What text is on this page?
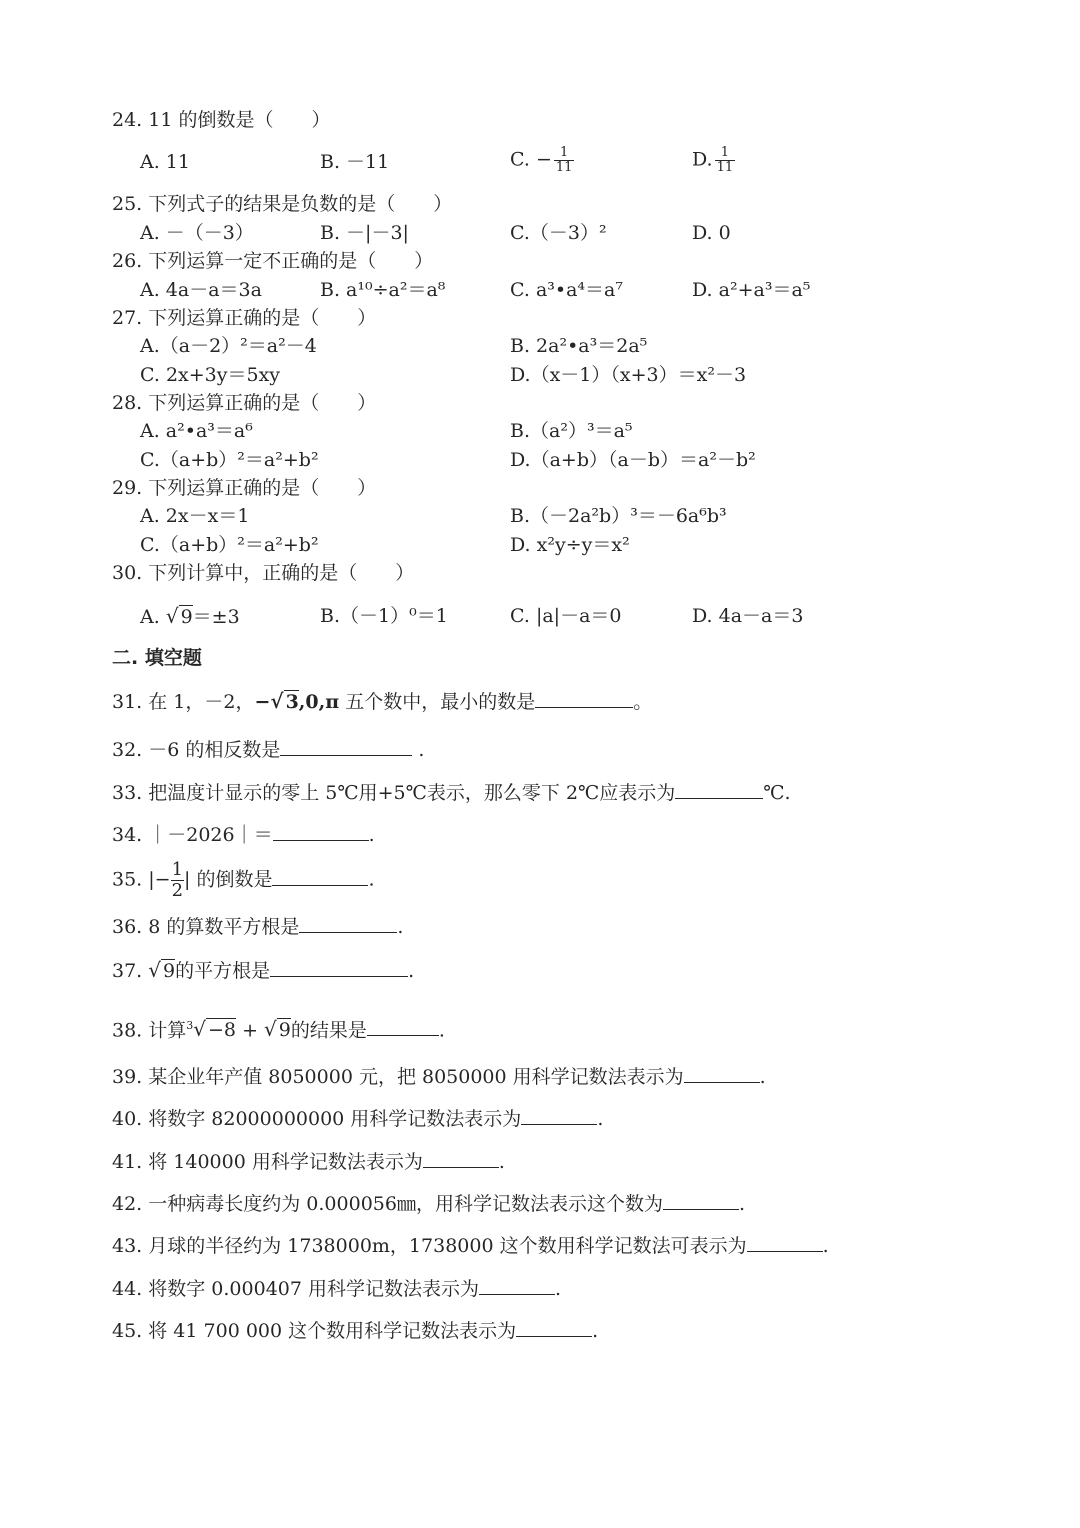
24. 11 的倒数是（　　）
A. 11	B. －11	C. − $\frac{1}{11}$	D. $\frac{1}{11}$
25. 下列式子的结果是负数的是（　　）
A. －（－3）	B. －|－3|	C.（－3）²	D. 0
26. 下列运算一定不正确的是（　　）
A. 4a－a＝3a	B. a¹⁰÷a²＝a⁸	C. a³•a⁴＝a⁷	D. a²+a³＝a⁵
27. 下列运算正确的是（　　）
A.（a－2）²＝a²－4	B. 2a²•a³＝2a⁵
C. 2x+3y＝5xy	D.（x－1）（x+3）＝x²－3
28. 下列运算正确的是（　　）
A. a²•a³＝a⁶	B.（a²）³＝a⁵
C.（a+b）²＝a²+b²	D.（a+b）（a－b）＝a²－b²
29. 下列运算正确的是（　　）
A. 2x－x＝1	B.（－2a²b）³＝－6a⁶b³
C.（a+b）²＝a²+b²	D. x²y÷y＝x²
30. 下列计算中，正确的是（　　）
A. √ 9＝±3	B.（－1）⁰＝1	C. |a|－a＝0	D. 4a－a＝3
二. 填空题
31. 在 1，－2，−√ 3,0,π 五个数中，最小的数是	。
32. －6 的相反数是	.
33. 把温度计显示的零上 5℃用+5℃表示，那么零下 2℃应表示为	℃.
34. ｜－2026｜＝	.
35. |− $\frac{1}{2}$ | 的倒数是	.
36. 8 的算数平方根是	.
37. √ 9的平方根是	.
38. 计算$^3$√ −8 + √ 9的结果是	.
39. 某企业年产值 8050000 元，把 8050000 用科学记数法表示为	.
40. 将数字 82000000000 用科学记数法表示为	.
41. 将 140000 用科学记数法表示为	.
42. 一种病毒长度约为 0.000056㎜，用科学记数法表示这个数为	.
43. 月球的半径约为 1738000m，1738000 这个数用科学记数法可表示为	.
44. 将数字 0.000407 用科学记数法表示为	.
45. 将 41 700 000 这个数用科学记数法表示为	.
